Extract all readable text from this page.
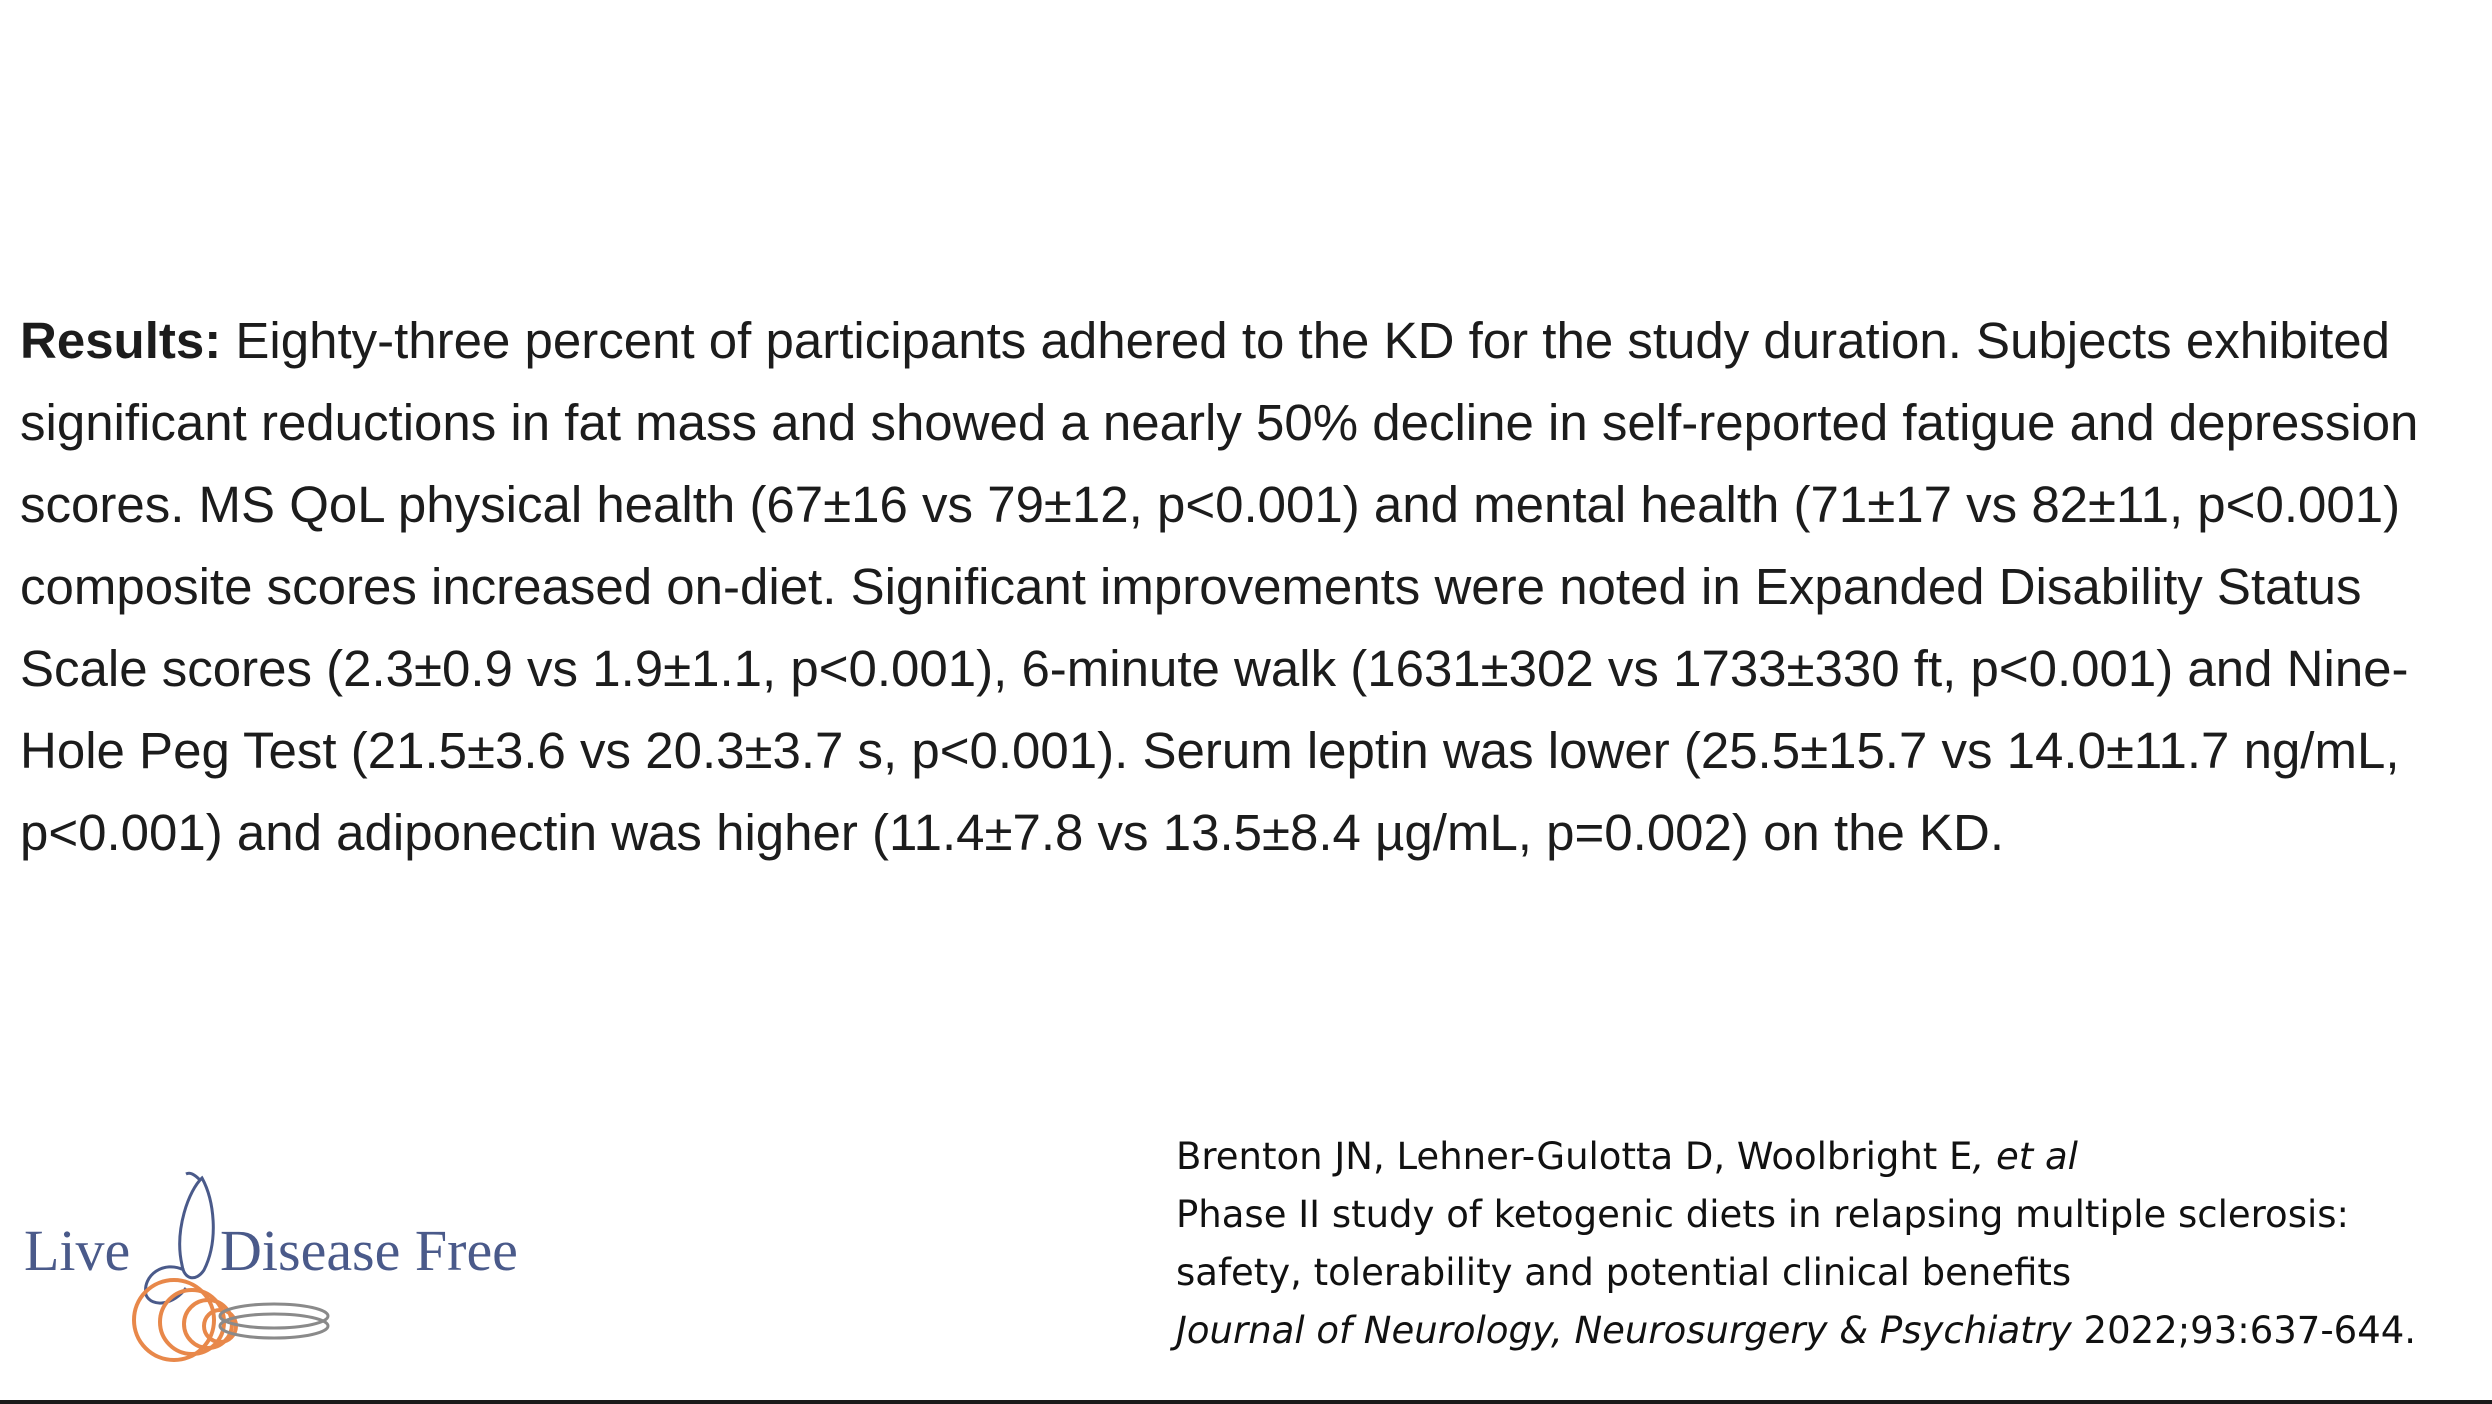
Results: Eighty-three percent of participants adhered to the KD for the study duration. Subjects exhibited significant reductions in fat mass and showed a nearly 50% decline in self-reported fatigue and depression scores. MS QoL physical health (67±16 vs 79±12, p<0.001) and mental health (71±17 vs 82±11, p<0.001) composite scores increased on-diet. Significant improvements were noted in Expanded Disability Status Scale scores (2.3±0.9 vs 1.9±1.1, p<0.001), 6-minute walk (1631±302 vs 1733±330 ft, p<0.001) and Nine-Hole Peg Test (21.5±3.6 vs 20.3±3.7 s, p<0.001). Serum leptin was lower (25.5±15.7 vs 14.0±11.7 ng/mL, p<0.001) and adiponectin was higher (11.4±7.8 vs 13.5±8.4 µg/mL, p=0.002) on the KD.

Live Disease Free
Brenton JN, Lehner-Gulotta D, Woolbright E, et al
Phase II study of ketogenic diets in relapsing multiple sclerosis:
safety, tolerability and potential clinical benefits
Journal of Neurology, Neurosurgery & Psychiatry 2022;93:637-644.
